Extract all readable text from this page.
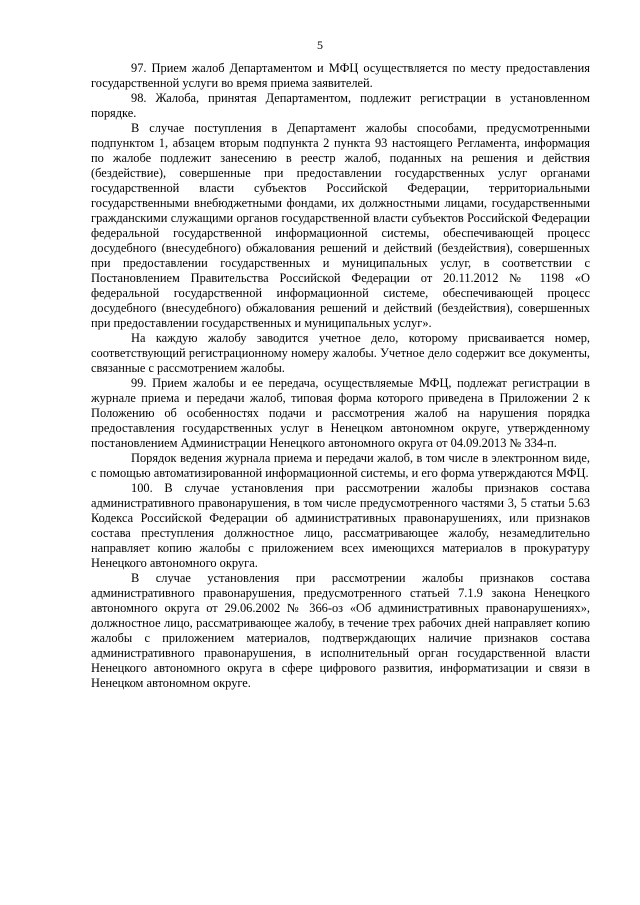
5

97. Прием жалоб Департаментом и МФЦ осуществляется по месту предоставления государственной услуги во время приема заявителей.

98. Жалоба, принятая Департаментом, подлежит регистрации в установленном порядке.

В случае поступления в Департамент жалобы способами, предусмотренными подпунктом 1, абзацем вторым подпункта 2 пункта 93 настоящего Регламента, информация по жалобе подлежит занесению в реестр жалоб, поданных на решения и действия (бездействие), совершенные при предоставлении государственных услуг органами государственной власти субъектов Российской Федерации, территориальными государственными внебюджетными фондами, их должностными лицами, государственными гражданскими служащими органов государственной власти субъектов Российской Федерации федеральной государственной информационной системы, обеспечивающей процесс досудебного (внесудебного) обжалования решений и действий (бездействия), совершенных при предоставлении государственных и муниципальных услуг, в соответствии с Постановлением Правительства Российской Федерации от 20.11.2012 № 1198 «О федеральной государственной информационной системе, обеспечивающей процесс досудебного (внесудебного) обжалования решений и действий (бездействия), совершенных при предоставлении государственных и муниципальных услуг».

На каждую жалобу заводится учетное дело, которому присваивается номер, соответствующий регистрационному номеру жалобы. Учетное дело содержит все документы, связанные с рассмотрением жалобы.

99. Прием жалобы и ее передача, осуществляемые МФЦ, подлежат регистрации в журнале приема и передачи жалоб, типовая форма которого приведена в Приложении 2 к Положению об особенностях подачи и рассмотрения жалоб на нарушения порядка предоставления государственных услуг в Ненецком автономном округе, утвержденному постановлением Администрации Ненецкого автономного округа от 04.09.2013 № 334-п.

Порядок ведения журнала приема и передачи жалоб, в том числе в электронном виде, с помощью автоматизированной информационной системы, и его форма утверждаются МФЦ.

100. В случае установления при рассмотрении жалобы признаков состава административного правонарушения, в том числе предусмотренного частями 3, 5 статьи 5.63 Кодекса Российской Федерации об административных правонарушениях, или признаков состава преступления должностное лицо, рассматривающее жалобу, незамедлительно направляет копию жалобы с приложением всех имеющихся материалов в прокуратуру Ненецкого автономного округа.

В случае установления при рассмотрении жалобы признаков состава административного правонарушения, предусмотренного статьей 7.1.9 закона Ненецкого автономного округа от 29.06.2002 № 366-оз «Об административных правонарушениях», должностное лицо, рассматривающее жалобу, в течение трех рабочих дней направляет копию жалобы с приложением материалов, подтверждающих наличие признаков состава административного правонарушения, в исполнительный орган государственной власти Ненецкого автономного округа в сфере цифрового развития, информатизации и связи в Ненецком автономном округе.
